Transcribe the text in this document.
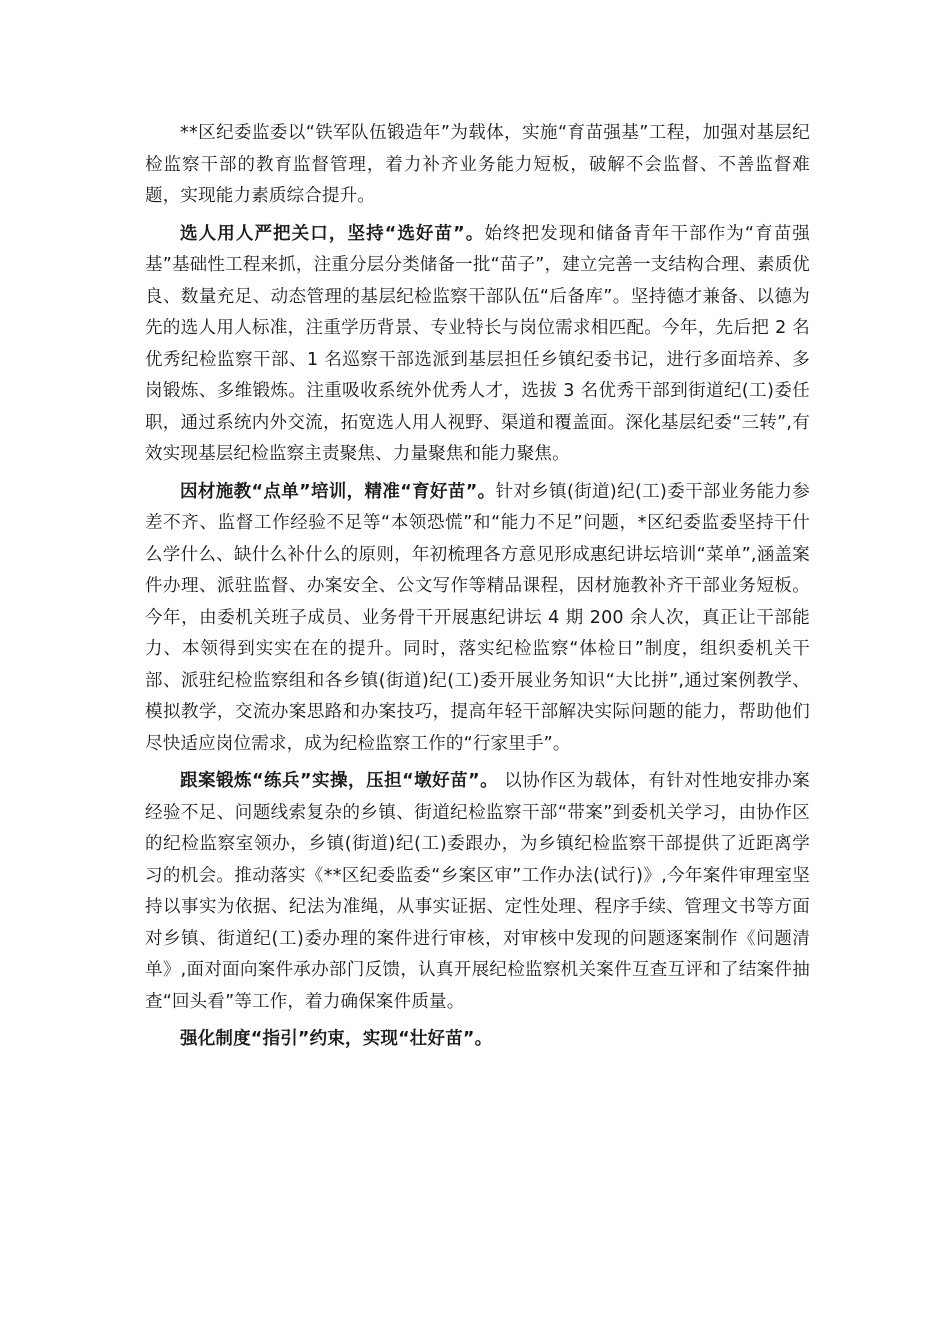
**区纪委监委以“铁军队伍锻造年”为载体，实施“育苗强基”工程，加强对基层纪检监察干部的教育监督管理，着力补齐业务能力短板，破解不会监督、不善监督难题，实现能力素质综合提升。

选人用人严把关口，坚持“选好苗”。始终把发现和储备青年干部作为“育苗强基”基础性工程来抓，注重分层分类储备一批“苗子”，建立完善一支结构合理、素质优良、数量充足、动态管理的基层纪检监察干部队伍“后备库”。坚持德才兼备、以德为先的选人用人标准，注重学历背景、专业特长与岗位需求相匹配。今年，先后把 2 名优秀纪检监察干部、1 名巡察干部选派到基层担任乡镇纪委书记，进行多面培养、多岗锻炼、多维锻炼。注重吸收系统外优秀人才，选拔 3 名优秀干部到街道纪(工)委任职，通过系统内外交流，拓宽选人用人视野、渠道和覆盖面。深化基层纪委“三转”,有效实现基层纪检监察主责聚焦、力量聚焦和能力聚焦。

因材施教“点单”培训，精准“育好苗”。针对乡镇(街道)纪(工)委干部业务能力参差不齐、监督工作经验不足等“本领恐慌”和“能力不足”问题，*区纪委监委坚持干什么学什么、缺什么补什么的原则，年初梳理各方意见形成惠纪讲坛培训“菜单”,涵盖案件办理、派驻监督、办案安全、公文写作等精品课程，因材施教补齐干部业务短板。今年，由委机关班子成员、业务骨干开展惠纪讲坛 4 期 200 余人次，真正让干部能力、本领得到实实在在的提升。同时，落实纪检监察“体检日”制度，组织委机关干部、派驻纪检监察组和各乡镇(街道)纪(工)委开展业务知识“大比拼”,通过案例教学、模拟教学，交流办案思路和办案技巧，提高年轻干部解决实际问题的能力，帮助他们尽快适应岗位需求，成为纪检监察工作的“行家里手”。

跟案锻炼“练兵”实操，压担“墩好苗”。 以协作区为载体，有针对性地安排办案经验不足、问题线索复杂的乡镇、街道纪检监察干部“带案”到委机关学习，由协作区的纪检监察室领办，乡镇(街道)纪(工)委跟办，为乡镇纪检监察干部提供了近距离学习的机会。推动落实《**区纪委监委“乡案区审”工作办法(试行)》,今年案件审理室坚持以事实为依据、纪法为准绳，从事实证据、定性处理、程序手续、管理文书等方面对乡镇、街道纪(工)委办理的案件进行审核，对审核中发现的问题逐案制作《问题清单》,面对面向案件承办部门反馈，认真开展纪检监察机关案件互查互评和了结案件抽查“回头看”等工作，着力确保案件质量。

强化制度“指引”约束，实现“壮好苗”。
